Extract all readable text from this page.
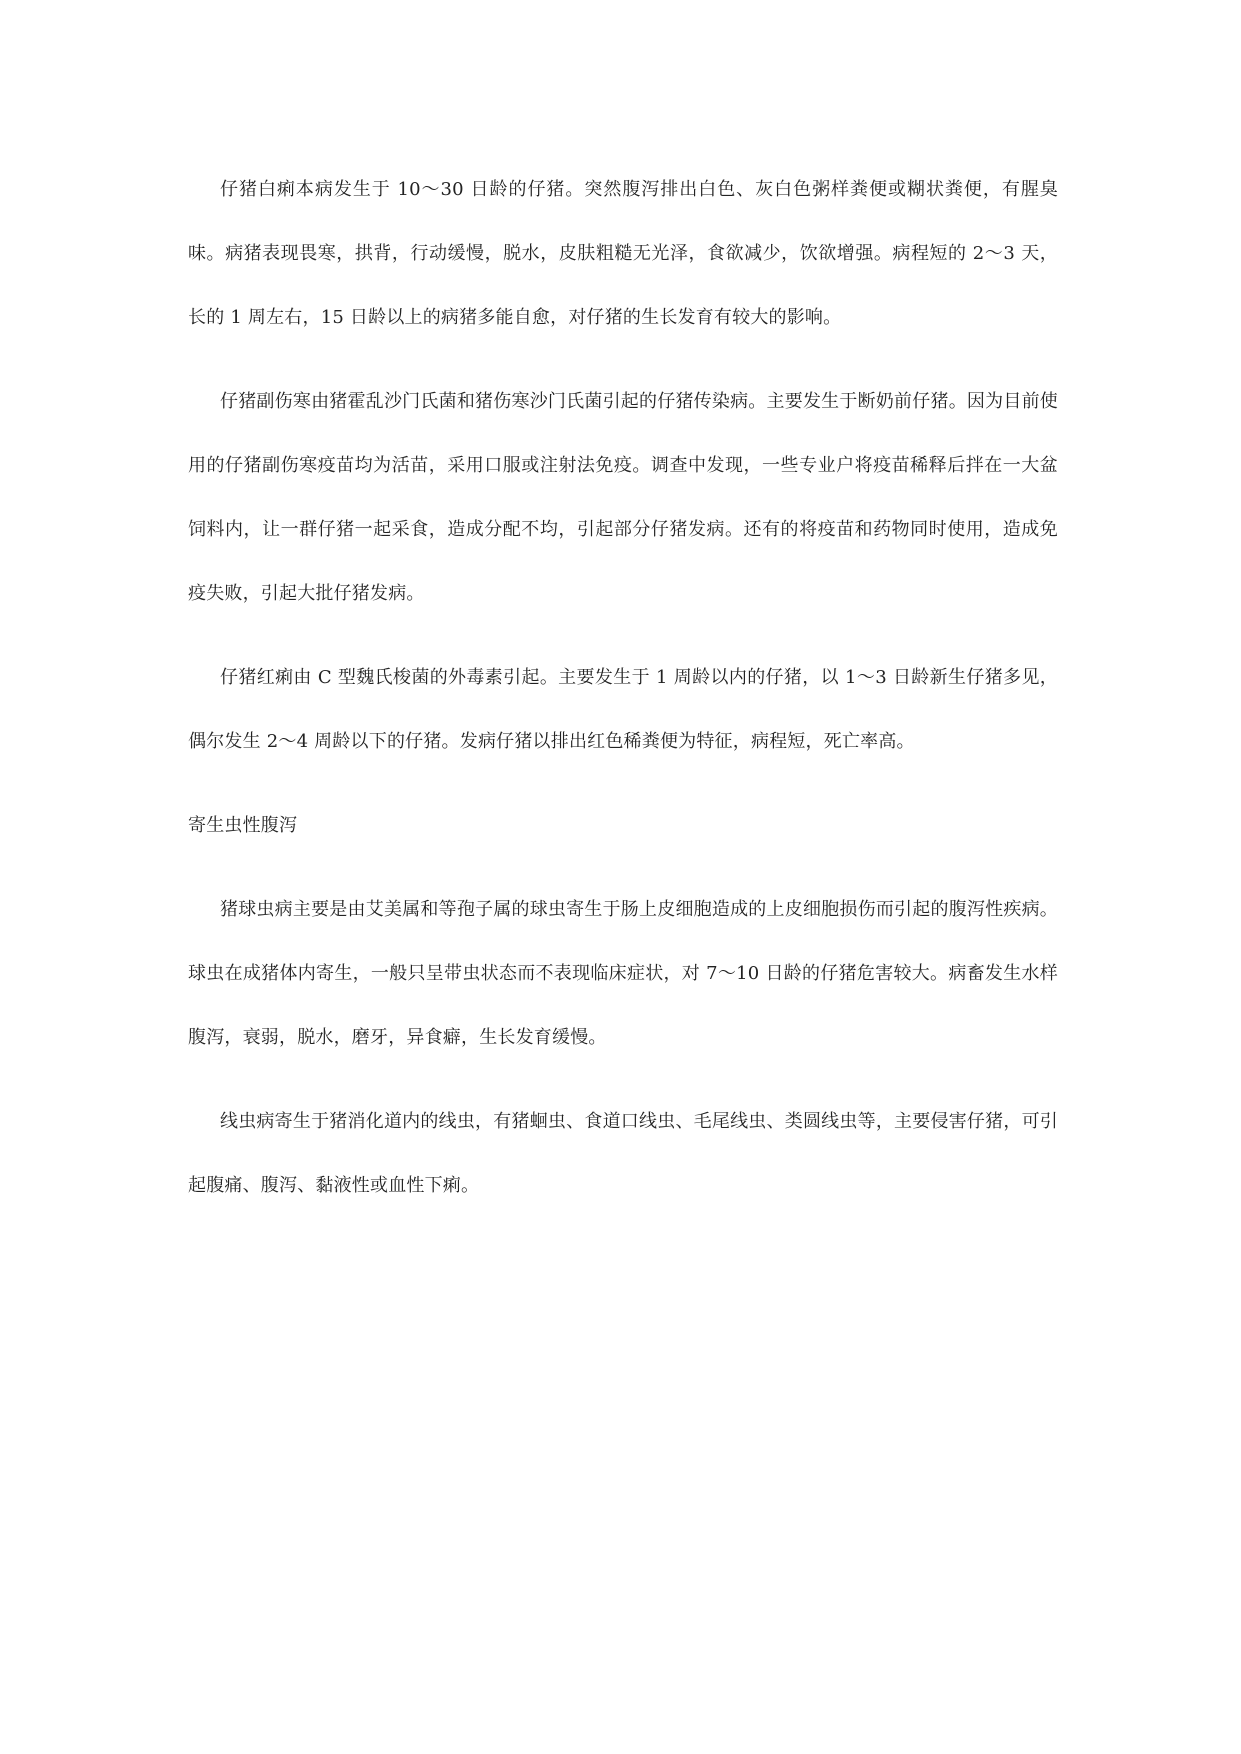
仔猪白痢本病发生于 10～30 日龄的仔猪。突然腹泻排出白色、灰白色粥样粪便或糊状粪便，有腥臭味。病猪表现畏寒，拱背，行动缓慢，脱水，皮肤粗糙无光泽，食欲减少，饮欲增强。病程短的 2～3 天，长的 1 周左右，15 日龄以上的病猪多能自愈，对仔猪的生长发育有较大的影响。

仔猪副伤寒由猪霍乱沙门氏菌和猪伤寒沙门氏菌引起的仔猪传染病。主要发生于断奶前仔猪。因为目前使用的仔猪副伤寒疫苗均为活苗，采用口服或注射法免疫。调查中发现，一些专业户将疫苗稀释后拌在一大盆饲料内，让一群仔猪一起采食，造成分配不均，引起部分仔猪发病。还有的将疫苗和药物同时使用，造成免疫失败，引起大批仔猪发病。

仔猪红痢由 C 型魏氏梭菌的外毒素引起。主要发生于 1 周龄以内的仔猪，以 1～3 日龄新生仔猪多见，偶尔发生 2～4 周龄以下的仔猪。发病仔猪以排出红色稀粪便为特征，病程短，死亡率高。

寄生虫性腹泻

猪球虫病主要是由艾美属和等孢子属的球虫寄生于肠上皮细胞造成的上皮细胞损伤而引起的腹泻性疾病。球虫在成猪体内寄生，一般只呈带虫状态而不表现临床症状，对 7～10 日龄的仔猪危害较大。病畜发生水样腹泻，衰弱，脱水，磨牙，异食癖，生长发育缓慢。

线虫病寄生于猪消化道内的线虫，有猪蛔虫、食道口线虫、毛尾线虫、类圆线虫等，主要侵害仔猪，可引起腹痛、腹泻、黏液性或血性下痢。
